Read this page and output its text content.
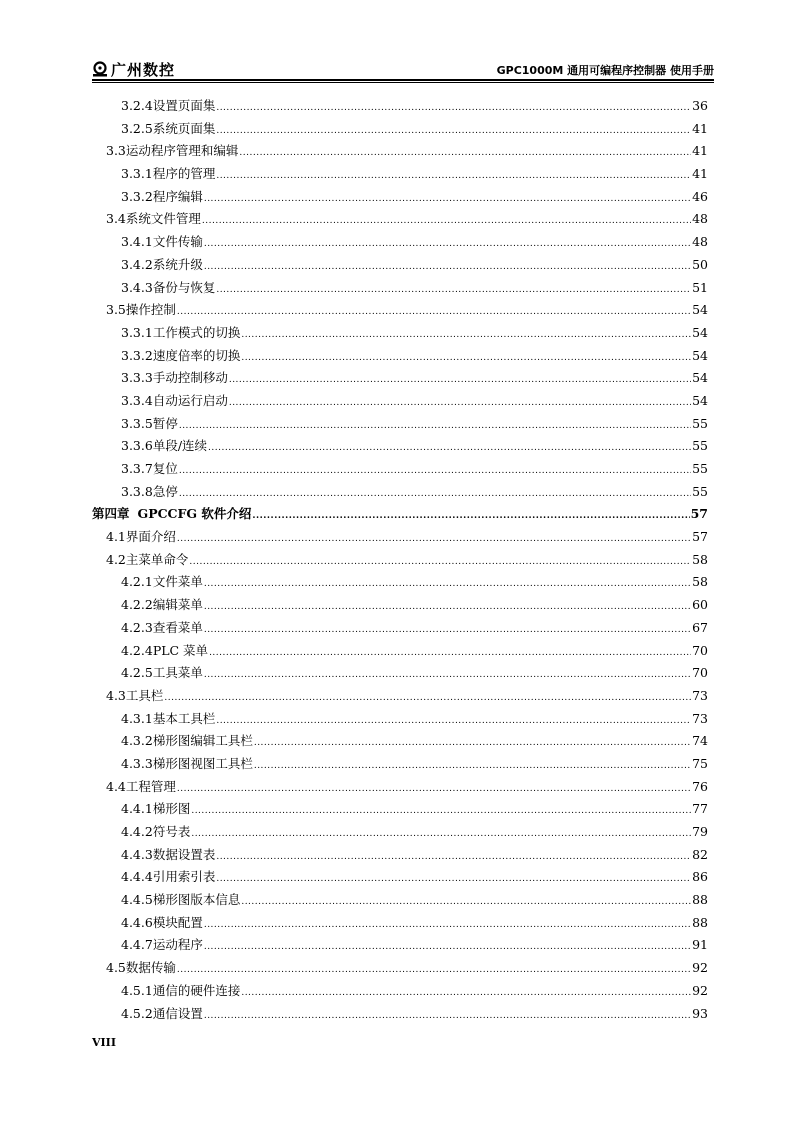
广州数控	GPC1000M 通用可编程序控制器 使用手册
3.2.4 设置页面集 .....	36
3.2.5 系统页面集 .....	41
3.3 运动程序管理和编辑 .....	41
3.3.1 程序的管理 .....	41
3.3.2 程序编辑 .....	46
3.4 系统文件管理 .....	48
3.4.1 文件传输 .....	48
3.4.2 系统升级 .....	50
3.4.3 备份与恢复 .....	51
3.5 操作控制 .....	54
3.3.1 工作模式的切换 .....	54
3.3.2 速度倍率的切换 .....	54
3.3.3 手动控制移动 .....	54
3.3.4 自动运行启动 .....	54
3.3.5 暂停 .....	55
3.3.6 单段/连续 .....	55
3.3.7 复位 .....	55
3.3.8 急停 .....	55
第四章 GPCCFG 软件介绍 .....	57
4.1 界面介绍 .....	57
4.2 主菜单命令 .....	58
4.2.1 文件菜单 .....	58
4.2.2 编辑菜单 .....	60
4.2.3 查看菜单 .....	67
4.2.4 PLC 菜单 .....	70
4.2.5 工具菜单 .....	70
4.3 工具栏 .....	73
4.3.1 基本工具栏 .....	73
4.3.2 梯形图编辑工具栏 .....	74
4.3.3 梯形图视图工具栏 .....	75
4.4 工程管理 .....	76
4.4.1 梯形图 .....	77
4.4.2 符号表 .....	79
4.4.3 数据设置表 .....	82
4.4.4 引用索引表 .....	86
4.4.5 梯形图版本信息 .....	88
4.4.6 模块配置 .....	88
4.4.7 运动程序 .....	91
4.5 数据传输 .....	92
4.5.1 通信的硬件连接 .....	92
4.5.2 通信设置 .....	93
VIII
